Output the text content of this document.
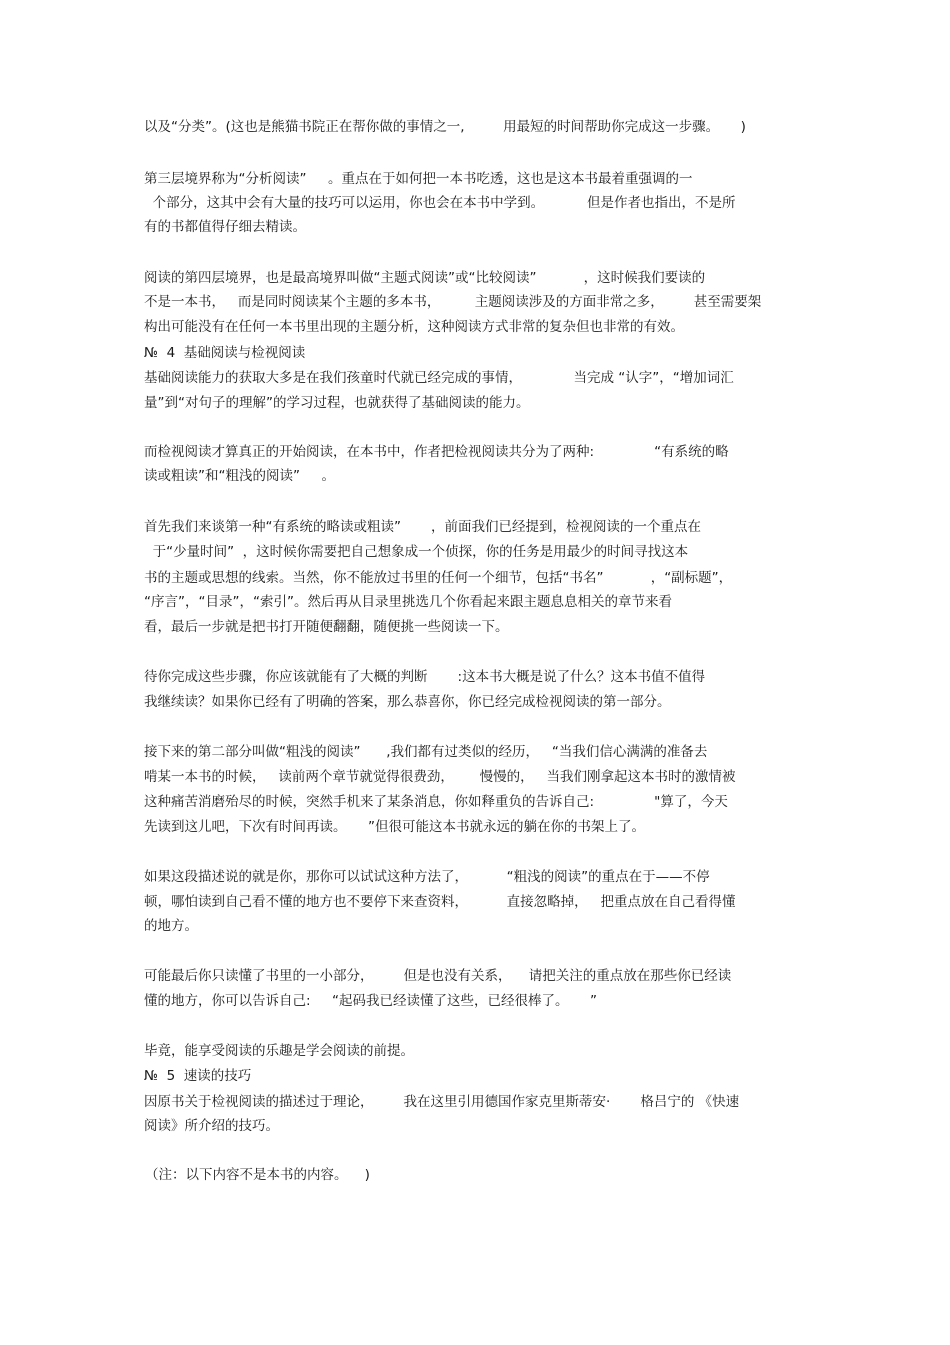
以及“分类”。(这也是熊猫书院正在帮你做的事情之一,         用最短的时间帮助你完成这一步骤。     )
第三层境界称为“分析阅读”     。重点在于如何把一本书吃透，这也是这本书最着重强调的一
个部分，这其中会有大量的技巧可以运用，你也会在本书中学到。          但是作者也指出，不是所
有的书都值得仔细去精读。
阅读的第四层境界，也是最高境界叫做“主题式阅读”或“比较阅读”           ，这时候我们要读的
不是一本书，   而是同时阅读某个主题的多本书，        主题阅读涉及的方面非常之多，       甚至需要架
构出可能没有在任何一本书里出现的主题分析，这种阅读方式非常的复杂但也非常的有效。
№  4  基础阅读与检视阅读
基础阅读能力的获取大多是在我们孩童时代就已经完成的事情，            当完成 “认字”，“增加词汇
量”到“对句子的理解”的学习过程，也就获得了基础阅读的能力。
而检视阅读才算真正的开始阅读，在本书中，作者把检视阅读共分为了两种:              “有系统的略
读或粗读”和“粗浅的阅读”     。
首先我们来谈第一种“有系统的略读或粗读”       ，前面我们已经提到，检视阅读的一个重点在
于“少量时间”  ，这时候你需要把自己想象成一个侦探，你的任务是用最少的时间寻找这本
书的主题或思想的线索。当然，你不能放过书里的任何一个细节，包括“书名”           ，“副标题”，
“序言”，“目录”，“索引”。然后再从目录里挑选几个你看起来跟主题息息相关的章节来看
看，最后一步就是把书打开随便翻翻，随便挑一些阅读一下。
待你完成这些步骤，你应该就能有了大概的判断       :这本书大概是说了什么？这本书值不值得
我继续读？如果你已经有了明确的答案，那么恭喜你，你已经完成检视阅读的第一部分。
接下来的第二部分叫做“粗浅的阅读”      ,我们都有过类似的经历，   “当我们信心满满的准备去
啃某一本书的时候，   读前两个章节就觉得很费劲，      慢慢的，   当我们刚拿起这本书时的激情被
这种痛苦消磨殆尽的时候，突然手机来了某条消息，你如释重负的告诉自己:              "算了，今天
先读到这儿吧，下次有时间再读。     ”但很可能这本书就永远的躺在你的书架上了。
如果这段描述说的就是你，那你可以试试这种方法了，         “粗浅的阅读”的重点在于——不停
顿，哪怕读到自己看不懂的地方也不要停下来查资料，         直接忽略掉，   把重点放在自己看得懂
的地方。
可能最后你只读懂了书里的一小部分，       但是也没有关系，    请把关注的重点放在那些你已经读
懂的地方，你可以告诉自己:     “起码我已经读懂了这些，已经很棒了。     ”
毕竟，能享受阅读的乐趣是学会阅读的前提。
№  5  速读的技巧
因原书关于检视阅读的描述过于理论，       我在这里引用德国作家克里斯蒂安·       格吕宁的 《快速
阅读》所介绍的技巧。
（注：以下内容不是本书的内容。    )
